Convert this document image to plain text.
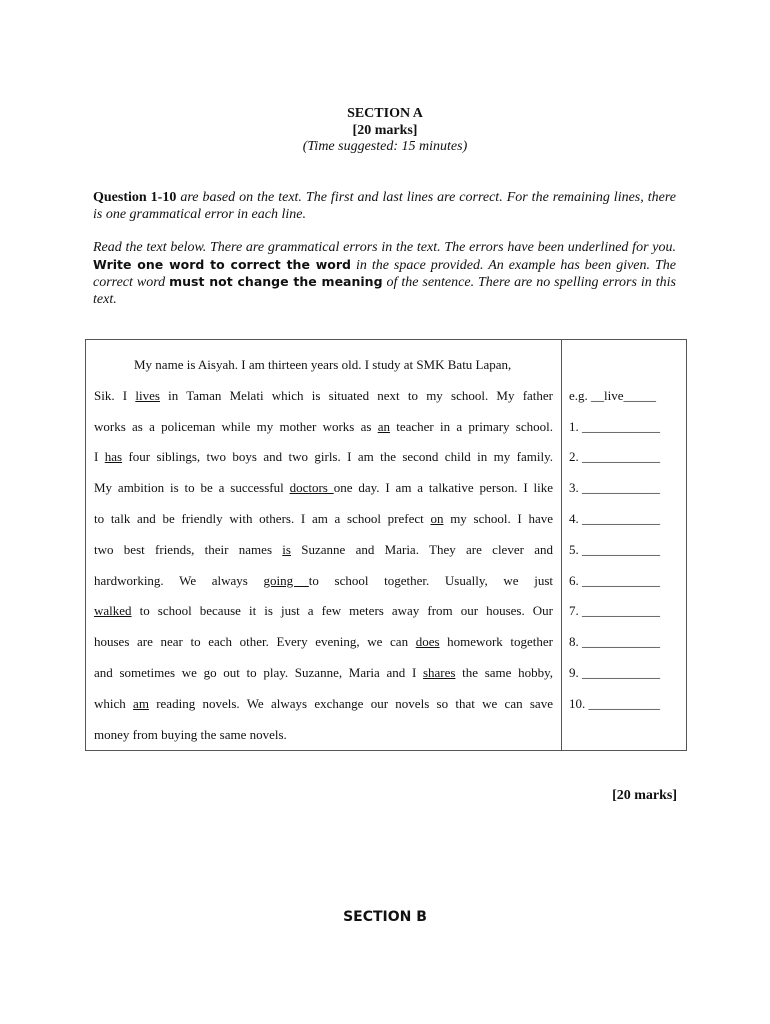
SECTION A
[20 marks]
(Time suggested: 15 minutes)
Question 1-10 are based on the text. The first and last lines are correct. For the remaining lines, there is one grammatical error in each line.
Read the text below. There are grammatical errors in the text. The errors have been underlined for you. Write one word to correct the word in the space provided. An example has been given. The correct word must not change the meaning of the sentence. There are no spelling errors in this text.
My name is Aisyah. I am thirteen years old. I study at SMK Batu Lapan,
Sik. I lives in Taman Melati which is situated next to my school. My father
works as a policeman while my mother works as an teacher in a primary school.
I has four siblings, two boys and two girls. I am the second child in my family.
My ambition is to be a successful doctors one day. I am a talkative person. I like
to talk and be friendly with others. I am a school prefect on my school. I have
two best friends, their names is Suzanne and Maria. They are clever and
hardworking. We always going to school together. Usually, we just
walked to school because it is just a few meters away from our houses. Our
houses are near to each other. Every evening, we can does homework together
and sometimes we go out to play. Suzanne, Maria and I shares the same hobby,
which am reading novels. We always exchange our novels so that we can save
money from buying the same novels.

e.g. __live_____
1. ____________
2. ____________
3. ____________
4. ____________
5. ____________
6. ____________
7. ____________
8. ____________
9. ____________
10. ___________
[20 marks]
SECTION B
